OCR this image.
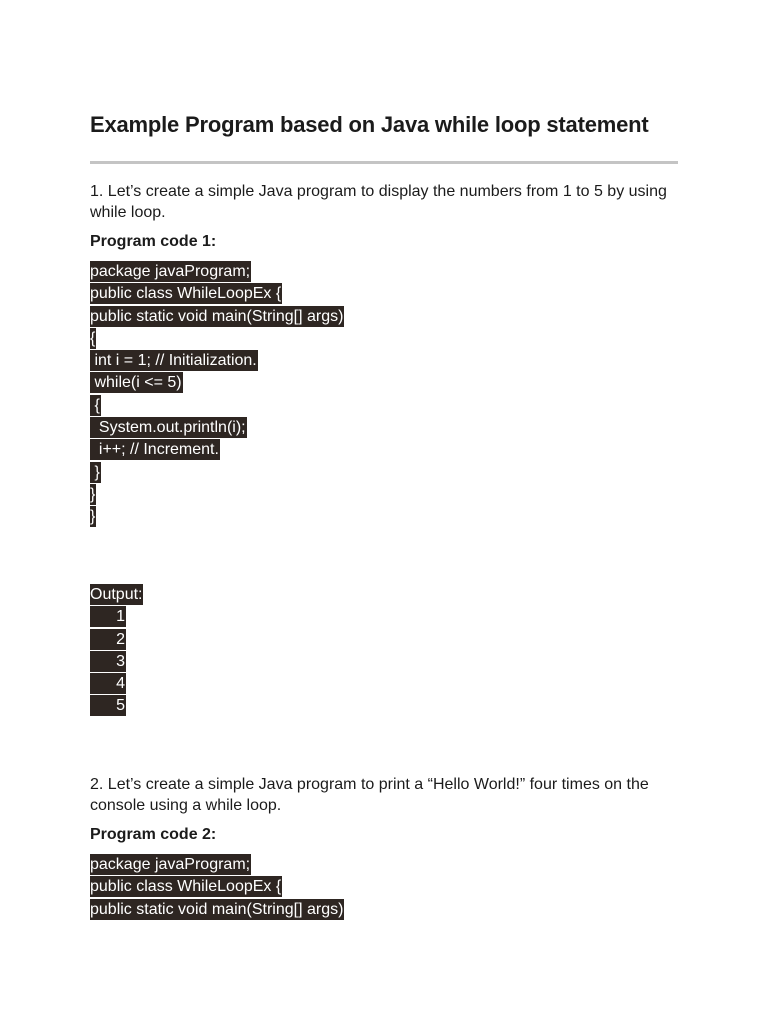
Example Program based on Java while loop statement

1. Let’s create a simple Java program to display the numbers from 1 to 5 by using while loop.

Program code 1:

package javaProgram;
public class WhileLoopEx {
public static void main(String[] args)
{
int i = 1; // Initialization.
while(i <= 5)
{
System.out.println(i);
i++; // Increment.
}
}
}
Output:
1
2
3
4
5

2. Let’s create a simple Java program to print a “Hello World!” four times on the console using a while loop.

Program code 2:

package javaProgram;
public class WhileLoopEx {
public static void main(String[] args)
